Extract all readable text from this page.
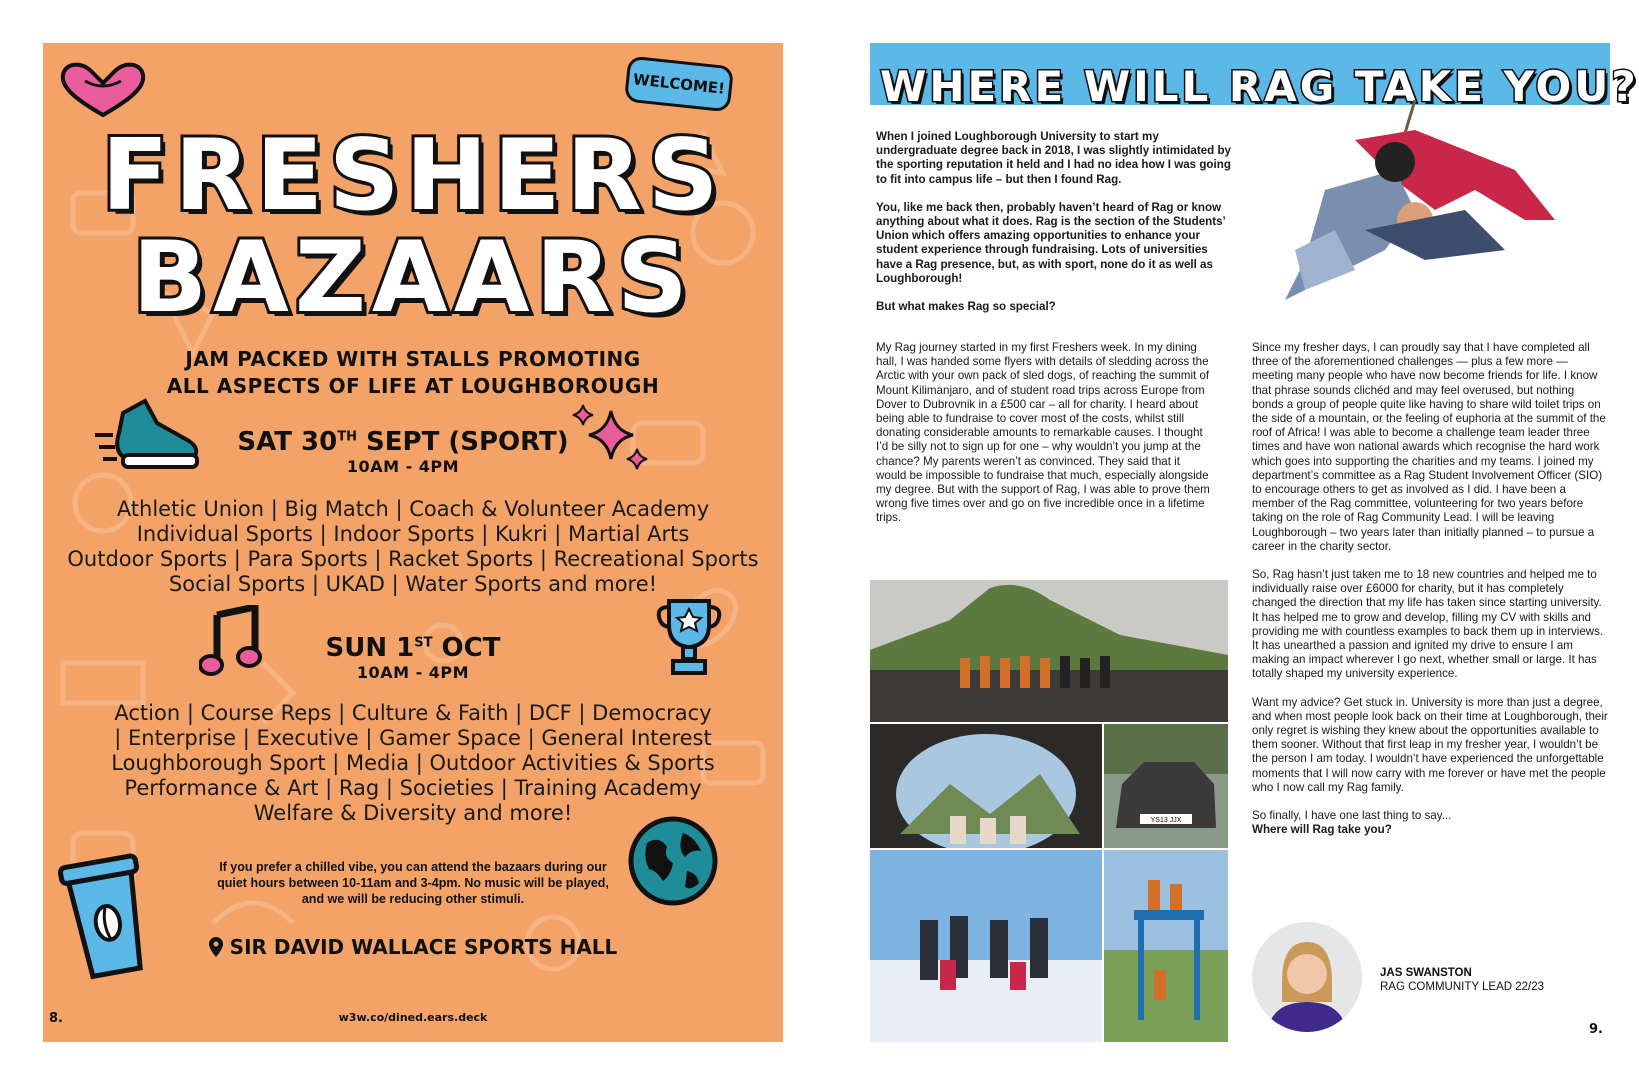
WELCOME!
FRESHERS
BAZAARS
JAM PACKED WITH STALLS PROMOTING
ALL ASPECTS OF LIFE AT LOUGHBOROUGH
SAT 30TH SEPT (SPORT)
10AM - 4PM
Athletic Union | Big Match | Coach & Volunteer Academy
Individual Sports | Indoor Sports | Kukri | Martial Arts
Outdoor Sports | Para Sports | Racket Sports | Recreational Sports
Social Sports | UKAD | Water Sports and more!
SUN 1ST OCT
10AM - 4PM
Action | Course Reps | Culture & Faith | DCF | Democracy
| Enterprise | Executive | Gamer Space | General Interest
Loughborough Sport | Media | Outdoor Activities & Sports
Performance & Art | Rag | Societies | Training Academy
Welfare & Diversity and more!
If you prefer a chilled vibe, you can attend the bazaars during our
quiet hours between 10-11am and 3-4pm. No music will be played,
and we will be reducing other stimuli.
SIR DAVID WALLACE SPORTS HALL
8.	w3w.co/dined.ears.deck
WHERE WILL RAG TAKE YOU?

When I joined Loughborough University to start my undergraduate degree back in 2018, I was slightly intimidated by the sporting reputation it held and I had no idea how I was going to fit into campus life – but then I found Rag.

You, like me back then, probably haven’t heard of Rag or know anything about what it does. Rag is the section of the Students’ Union which offers amazing opportunities to enhance your student experience through fundraising. Lots of universities have a Rag presence, but, as with sport, none do it as well as Loughborough!

But what makes Rag so special?

My Rag journey started in my first Freshers week. In my dining hall, I was handed some flyers with details of sledding across the Arctic with your own pack of sled dogs, of reaching the summit of Mount Kilimanjaro, and of student road trips across Europe from Dover to Dubrovnik in a £500 car – all for charity. I heard about being able to fundraise to cover most of the costs, whilst still donating considerable amounts to remarkable causes. I thought I’d be silly not to sign up for one – why wouldn’t you jump at the chance? My parents weren’t as convinced. They said that it would be impossible to fundraise that much, especially alongside my degree. But with the support of Rag, I was able to prove them wrong five times over and go on five incredible once in a lifetime trips.

Since my fresher days, I can proudly say that I have completed all three of the aforementioned challenges — plus a few more — meeting many people who have now become friends for life. I know that phrase sounds clichéd and may feel overused, but nothing bonds a group of people quite like having to share wild toilet trips on the side of a mountain, or the feeling of euphoria at the summit of the roof of Africa! I was able to become a challenge team leader three times and have won national awards which recognise the hard work which goes into supporting the charities and my teams. I joined my department’s committee as a Rag Student Involvement Officer (SIO) to encourage others to get as involved as I did. I have been a member of the Rag committee, volunteering for two years before taking on the role of Rag Community Lead. I will be leaving Loughborough – two years later than initially planned – to pursue a career in the charity sector.

So, Rag hasn’t just taken me to 18 new countries and helped me to individually raise over £6000 for charity, but it has completely changed the direction that my life has taken since starting university. It has helped me to grow and develop, filling my CV with skills and providing me with countless examples to back them up in interviews. It has unearthed a passion and ignited my drive to ensure I am making an impact wherever I go next, whether small or large. It has totally shaped my university experience.

Want my advice? Get stuck in. University is more than just a degree, and when most people look back on their time at Loughborough, their only regret is wishing they knew about the opportunities available to them sooner. Without that first leap in my fresher year, I wouldn’t be the person I am today. I wouldn’t have experienced the unforgettable moments that I will now carry with me forever or have met the people who I now call my Rag family.

So finally, I have one last thing to say...
Where will Rag take you?
YS13 JJX
JAS SWANSTON
RAG COMMUNITY LEAD 22/23
9.
